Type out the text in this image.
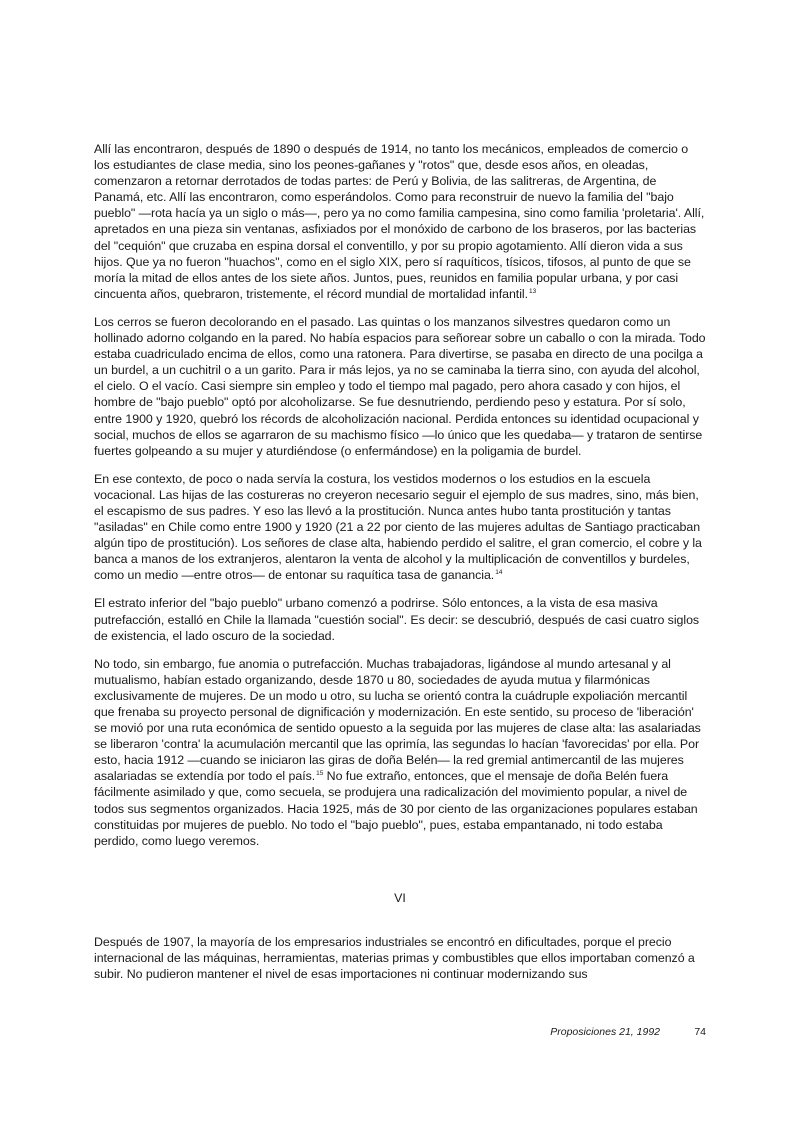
Allí las encontraron, después de 1890 o después de 1914, no tanto los mecánicos, empleados de comercio o los estudiantes de clase media, sino los peones-gañanes y "rotos" que, desde esos años, en oleadas, comenzaron a retornar derrotados de todas partes: de Perú y Bolivia, de las salitreras, de Argentina, de Panamá, etc. Allí las encontraron, como esperándolos. Como para reconstruir de nuevo la familia del "bajo pueblo" —rota hacía ya un siglo o más—, pero ya no como familia campesina, sino como familia 'proletaria'. Allí, apretados en una pieza sin ventanas, asfixiados por el monóxido de carbono de los braseros, por las bacterias del "cequión" que cruzaba en espina dorsal el conventillo, y por su propio agotamiento. Allí dieron vida a sus hijos. Que ya no fueron "huachos", como en el siglo XIX, pero sí raquíticos, tísicos, tifosos, al punto de que se moría la mitad de ellos antes de los siete años. Juntos, pues, reunidos en familia popular urbana, y por casi cincuenta años, quebraron, tristemente, el récord mundial de mortalidad infantil.$^{13}$

Los cerros se fueron decolorando en el pasado. Las quintas o los manzanos silvestres quedaron como un hollinado adorno colgando en la pared. No había espacios para señorear sobre un caballo o con la mirada. Todo estaba cuadriculado encima de ellos, como una ratonera. Para divertirse, se pasaba en directo de una pocilga a un burdel, a un cuchitril o a un garito. Para ir más lejos, ya no se caminaba la tierra sino, con ayuda del alcohol, el cielo. O el vacío. Casi siempre sin empleo y todo el tiempo mal pagado, pero ahora casado y con hijos, el hombre de "bajo pueblo" optó por alcoholizarse. Se fue desnutriendo, perdiendo peso y estatura. Por sí solo, entre 1900 y 1920, quebró los récords de alcoholización nacional. Perdida entonces su identidad ocupacional y social, muchos de ellos se agarraron de su machismo físico —lo único que les quedaba— y trataron de sentirse fuertes golpeando a su mujer y aturdiéndose (o enfermándose) en la poligamia de burdel.

En ese contexto, de poco o nada servía la costura, los vestidos modernos o los estudios en la escuela vocacional. Las hijas de las costureras no creyeron necesario seguir el ejemplo de sus madres, sino, más bien, el escapismo de sus padres. Y eso las llevó a la prostitución. Nunca antes hubo tanta prostitución y tantas "asiladas" en Chile como entre 1900 y 1920 (21 a 22 por ciento de las mujeres adultas de Santiago practicaban algún tipo de prostitución). Los señores de clase alta, habiendo perdido el salitre, el gran comercio, el cobre y la banca a manos de los extranjeros, alentaron la venta de alcohol y la multiplicación de conventillos y burdeles, como un medio —entre otros— de entonar su raquítica tasa de ganancia.$^{14}$

El estrato inferior del "bajo pueblo" urbano comenzó a podrirse. Sólo entonces, a la vista de esa masiva putrefacción, estalló en Chile la llamada "cuestión social". Es decir: se descubrió, después de casi cuatro siglos de existencia, el lado oscuro de la sociedad.

No todo, sin embargo, fue anomia o putrefacción. Muchas trabajadoras, ligándose al mundo artesanal y al mutualismo, habían estado organizando, desde 1870 u 80, sociedades de ayuda mutua y filarmónicas exclusivamente de mujeres. De un modo u otro, su lucha se orientó contra la cuádruple expoliación mercantil que frenaba su proyecto personal de dignificación y modernización. En este sentido, su proceso de 'liberación' se movió por una ruta económica de sentido opuesto a la seguida por las mujeres de clase alta: las asalariadas se liberaron 'contra' la acumulación mercantil que las oprimía, las segundas lo hacían 'favorecidas' por ella. Por esto, hacia 1912 —cuando se iniciaron las giras de doña Belén— la red gremial antimercantil de las mujeres asalariadas se extendía por todo el país.$^{15}$ No fue extraño, entonces, que el mensaje de doña Belén fuera fácilmente asimilado y que, como secuela, se produjera una radicalización del movimiento popular, a nivel de todos sus segmentos organizados. Hacia 1925, más de 30 por ciento de las organizaciones populares estaban constituidas por mujeres de pueblo. No todo el "bajo pueblo", pues, estaba empantanado, ni todo estaba perdido, como luego veremos.

VI

Después de 1907, la mayoría de los empresarios industriales se encontró en dificultades, porque el precio internacional de las máquinas, herramientas, materias primas y combustibles que ellos importaban comenzó a subir. No pudieron mantener el nivel de esas importaciones ni continuar modernizando sus

Proposiciones 21, 1992	74
